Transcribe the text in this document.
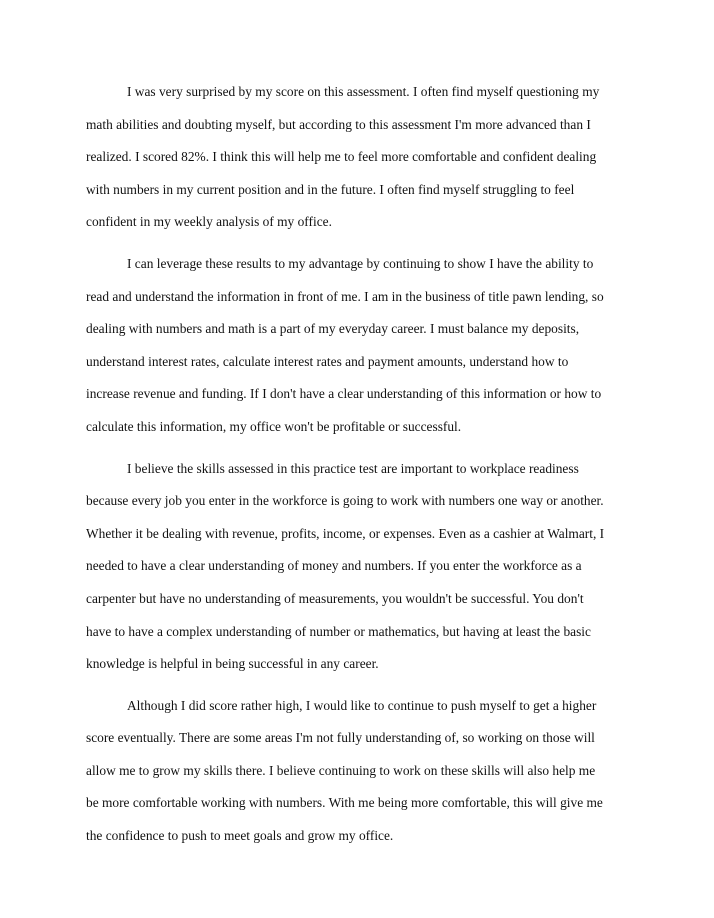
I was very surprised by my score on this assessment. I often find myself questioning my
math abilities and doubting myself, but according to this assessment I'm more advanced than I
realized. I scored 82%. I think this will help me to feel more comfortable and confident dealing
with numbers in my current position and in the future. I often find myself struggling to feel
confident in my weekly analysis of my office.
I can leverage these results to my advantage by continuing to show I have the ability to
read and understand the information in front of me. I am in the business of title pawn lending, so
dealing with numbers and math is a part of my everyday career. I must balance my deposits,
understand interest rates, calculate interest rates and payment amounts, understand how to
increase revenue and funding. If I don't have a clear understanding of this information or how to
calculate this information, my office won't be profitable or successful.
I believe the skills assessed in this practice test are important to workplace readiness
because every job you enter in the workforce is going to work with numbers one way or another.
Whether it be dealing with revenue, profits, income, or expenses. Even as a cashier at Walmart, I
needed to have a clear understanding of money and numbers. If you enter the workforce as a
carpenter but have no understanding of measurements, you wouldn't be successful. You don't
have to have a complex understanding of number or mathematics, but having at least the basic
knowledge is helpful in being successful in any career.
Although I did score rather high, I would like to continue to push myself to get a higher
score eventually. There are some areas I'm not fully understanding of, so working on those will
allow me to grow my skills there. I believe continuing to work on these skills will also help me
be more comfortable working with numbers. With me being more comfortable, this will give me
the confidence to push to meet goals and grow my office.
